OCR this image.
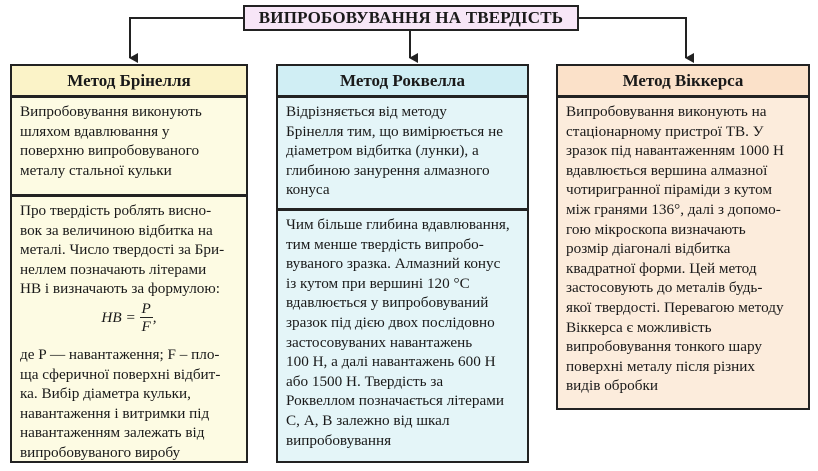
ВИПРОБОВУВАННЯ НА ТВЕРДІСТЬ
Метод Брінелля
Випробовування виконують
шляхом вдавлювання у
поверхню випробовуваного
металу стальної кульки
Про твердість роблять висно-
вок за величиною відбитка на
металі. Число твердості за Бри-
неллем позначають літерами
НВ і визначають за формулою:
HB = $\frac{P}{F}$ ,
де P — навантаження; F – пло-
ща сферичної поверхні відбит-
ка. Вибір діаметра кульки,
навантаження і витримки під
навантаженням залежать від
випробовуваного виробу
Метод Роквелла
Відрізняється від методу
Брінелля тим, що вимірюється не
діаметром відбитка (лунки), а
глибиною занурення алмазного
конуса
Чим більше глибина вдавлювання,
тим менше твердість випробо-
вуваного зразка. Алмазний конус
із кутом при вершині 120 °С
вдавлюється у випробовуваний
зразок під дією двох послідовно
застосовуваних навантажень
100 Н, а далі навантажень 600 Н
або 1500 Н. Твердість за
Роквеллом позначається літерами
С, А, В залежно від шкал
випробовування
Метод Віккерса
Випробовування виконують на
стаціонарному пристрої ТВ. У
зразок під навантаженням 1000 Н
вдавлюється вершина алмазної
чотиригранної піраміди з кутом
між гранями 136°, далі з допомо-
гою мікроскопа визначають
розмір діагоналі відбитка
квадратної форми. Цей метод
застосовують до металів будь-
якої твердості. Перевагою методу
Віккерса є можливість
випробовування тонкого шару
поверхні металу після різних
видів обробки
